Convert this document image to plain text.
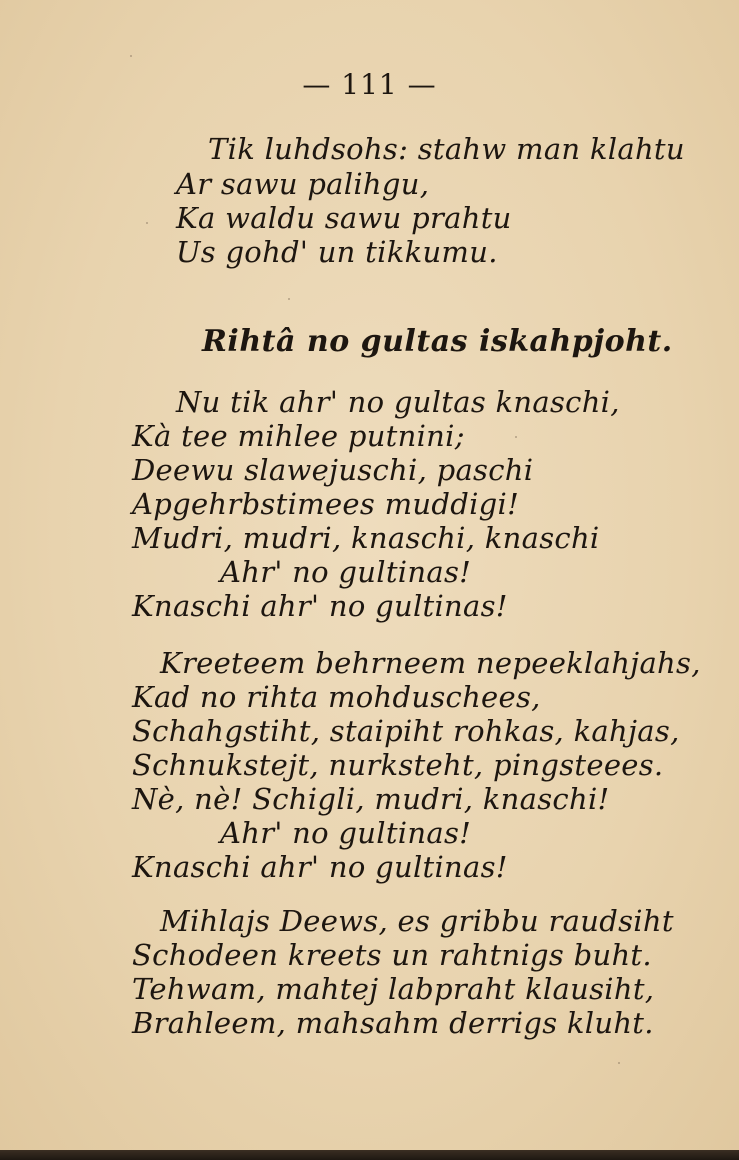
— 111 —
Tik luhdsohs: stahw man klahtu
Ar sawu palihgu,
Ka waldu sawu prahtu
Us gohd' un tikkumu.
Rihtâ no gultas iskahpjoht.
Nu tik ahr' no gultas knaschi,
Kà tee mihlee putnini;
Deewu slawejuschi, paschi
Apgehrbstimees muddigi!
Mudri, mudri, knaschi, knaschi
Ahr' no gultinas!
Knaschi ahr' no gultinas!
Kreeteem behrneem nepeeklahjahs,
Kad no rihta mohduschees,
Schahgstiht, staipiht rohkas, kahjas,
Schnukstejt, nurksteht, pingsteees.
Nè, nè! Schigli, mudri, knaschi!
Ahr' no gultinas!
Knaschi ahr' no gultinas!
Mihlajs Deews, es gribbu raudsiht
Schodeen kreets un rahtnigs buht.
Tehwam, mahtej labpraht klausiht,
Brahleem, mahsahm derrigs kluht.
